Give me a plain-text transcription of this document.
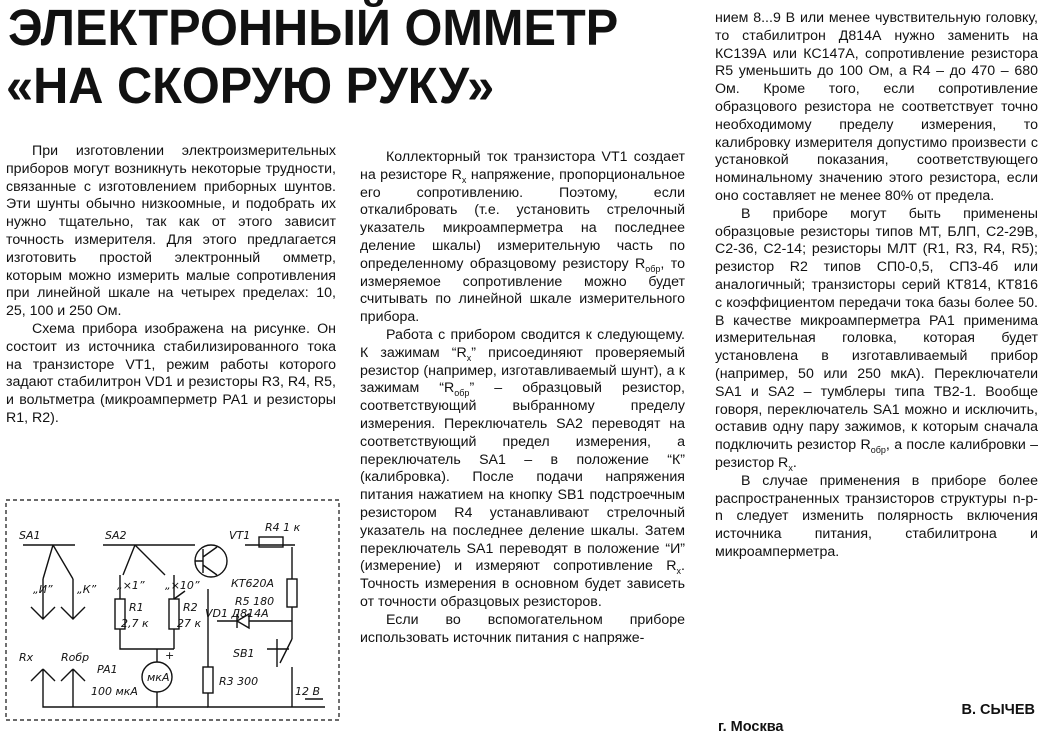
ЭЛЕКТРОННЫЙ ОММЕТР
«НА СКОРУЮ РУКУ»

При изготовлении электроизмерительных приборов могут возникнуть некоторые трудности, связанные с изготовлением приборных шунтов. Эти шунты обычно низкоомные, и подобрать их нужно тщательно, так как от этого зависит точность измерителя. Для этого предлагается изготовить простой электронный омметр, которым можно измерить малые сопротивления при линейной шкале на четырех пределах: 10, 25, 100 и 250 Ом.

Схема прибора изображена на рисунке. Он состоит из источника стабилизированного тока на транзисторе VT1, режим работы которого задают стабилитрон VD1 и резисторы R3, R4, R5, и вольтметра (микроамперметр PA1 и резисторы R1, R2).

Коллекторный ток транзистора VT1 создает на резисторе $R_x$ напряжение, пропорциональное его сопротивлению. Поэтому, если откалибровать (т.е. установить стрелочный указатель микроамперметра на последнее деление шкалы) измерительную часть по определенному образцовому резистору $R_{обр}$, то измеряемое сопротивление можно будет считывать по линейной шкале измерительного прибора.

Работа с прибором сводится к следующему. К зажимам “$R_x$” присоединяют проверяемый резистор (например, изготавливаемый шунт), а к зажимам “$R_{обр}$” – образцовый резистор, соответствующий выбранному пределу измерения. Переключатель SA2 переводят на соответствующий предел измерения, а переключатель SA1 – в положение “К” (калибровка). После подачи напряжения питания нажатием на кнопку SB1 подстроечным резистором R4 устанавливают стрелочный указатель на последнее деление шкалы. Затем переключатель SA1 переводят в положение “И” (измерение) и измеряют сопротивление $R_x$. Точность измерения в основном будет зависеть от точности образцовых резисторов.

Если во вспомогательном приборе использовать источник питания с напряже-

нием 8...9 В или менее чувствительную головку, то стабилитрон Д814А нужно заменить на КС139А или КС147А, сопротивление резистора R5 уменьшить до 100 Ом, а R4 – до 470 – 680 Ом. Кроме того, если сопротивление образцового резистора не соответствует точно необходимому пределу измерения, то калибровку измерителя допустимо произвести с установкой показания, соответствующего номинальному значению этого резистора, если оно составляет не менее 80% от предела.

В приборе могут быть применены образцовые резисторы типов МТ, БЛП, С2-29В, С2-36, С2-14; резисторы МЛТ (R1, R3, R4, R5); резистор R2 типов СП0-0,5, СП3-4б или аналогичный; транзисторы серий КТ814, КТ816 с коэффициентом передачи тока базы более 50. В качестве микроамперметра PA1 применима измерительная головка, которая будет установлена в изготавливаемый прибор (например, 50 или 250 мкА). Переключатели SA1 и SA2 – тумблеры типа ТВ2-1. Вообще говоря, переключатель SA1 можно и исключить, оставив одну пару зажимов, к которым сначала подключить резистор $R_{обр}$, а после калибровки – резистор $R_x$.

В случае применения в приборе более распространенных транзисторов структуры n-p-n следует изменить полярность включения источника питания, стабилитрона и микроамперметра.

В. СЫЧЕВ
г. Москва
SA1	SA2	VT1
КТ620А
R4 1 к
R5 180
VD1 Д814А
SB1
R3 300
R1
2,7 к
R2
27 к
„И” „К” „×1” „×10”
Rx	Rобр
PA1
100 мкА
мкА
12 В
+
